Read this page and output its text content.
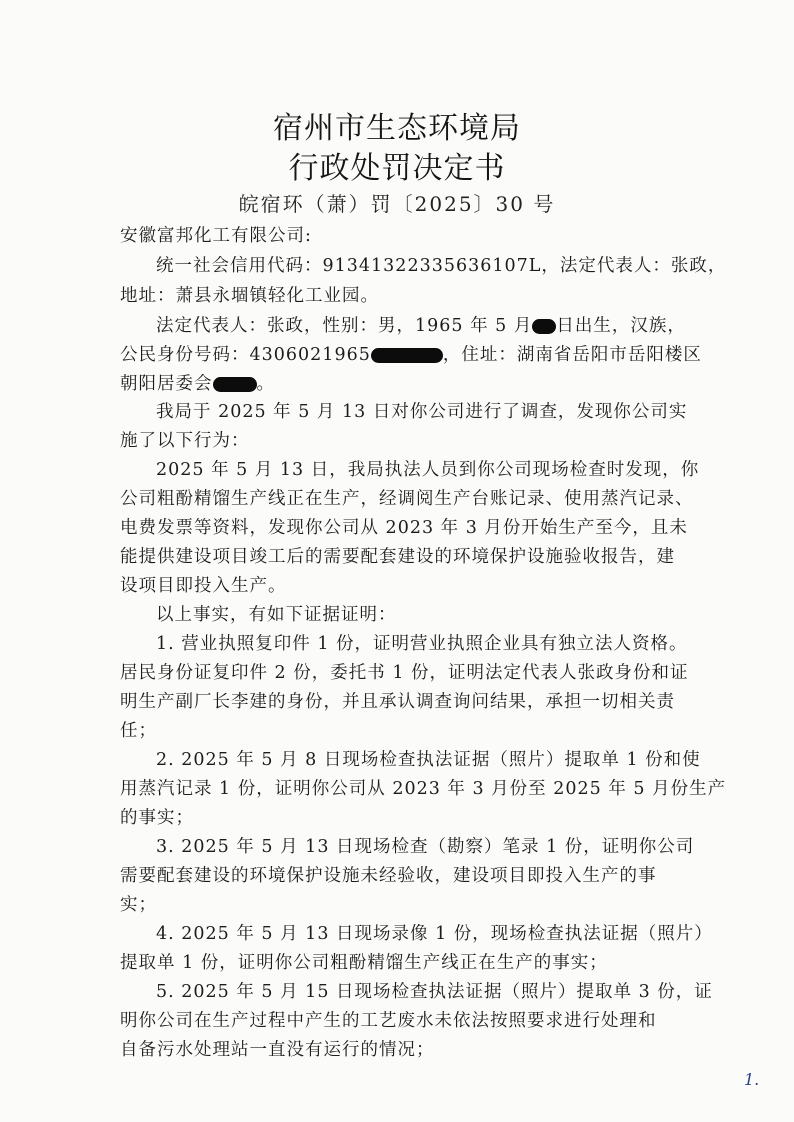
宿州市生态环境局
行政处罚决定书
皖宿环（萧）罚〔2025〕30 号
安徽富邦化工有限公司:
统一社会信用代码：91341322335636107L，法定代表人：张政，
地址：萧县永堌镇轻化工业园。
法定代表人：张政，性别：男，1965 年 5 月 日出生，汉族，
公民身份号码：4306021965	，住址：湖南省岳阳市岳阳楼区
朝阳居委会	。
我局于 2025 年 5 月 13 日对你公司进行了调查，发现你公司实
施了以下行为：
2025 年 5 月 13 日，我局执法人员到你公司现场检查时发现，你
公司粗酚精馏生产线正在生产，经调阅生产台账记录、使用蒸汽记录、
电费发票等资料，发现你公司从 2023 年 3 月份开始生产至今，且未
能提供建设项目竣工后的需要配套建设的环境保护设施验收报告，建
设项目即投入生产。
以上事实，有如下证据证明：
1. 营业执照复印件 1 份，证明营业执照企业具有独立法人资格。
居民身份证复印件 2 份，委托书 1 份，证明法定代表人张政身份和证
明生产副厂长李建的身份，并且承认调查询问结果，承担一切相关责
任；
2. 2025 年 5 月 8 日现场检查执法证据（照片）提取单 1 份和使
用蒸汽记录 1 份，证明你公司从 2023 年 3 月份至 2025 年 5 月份生产
的事实；
3. 2025 年 5 月 13 日现场检查（勘察）笔录 1 份，证明你公司
需要配套建设的环境保护设施未经验收，建设项目即投入生产的事
实；
4. 2025 年 5 月 13 日现场录像 1 份，现场检查执法证据（照片）
提取单 1 份，证明你公司粗酚精馏生产线正在生产的事实；
5. 2025 年 5 月 15 日现场检查执法证据（照片）提取单 3 份，证
明你公司在生产过程中产生的工艺废水未依法按照要求进行处理和
自备污水处理站一直没有运行的情况；
1.
